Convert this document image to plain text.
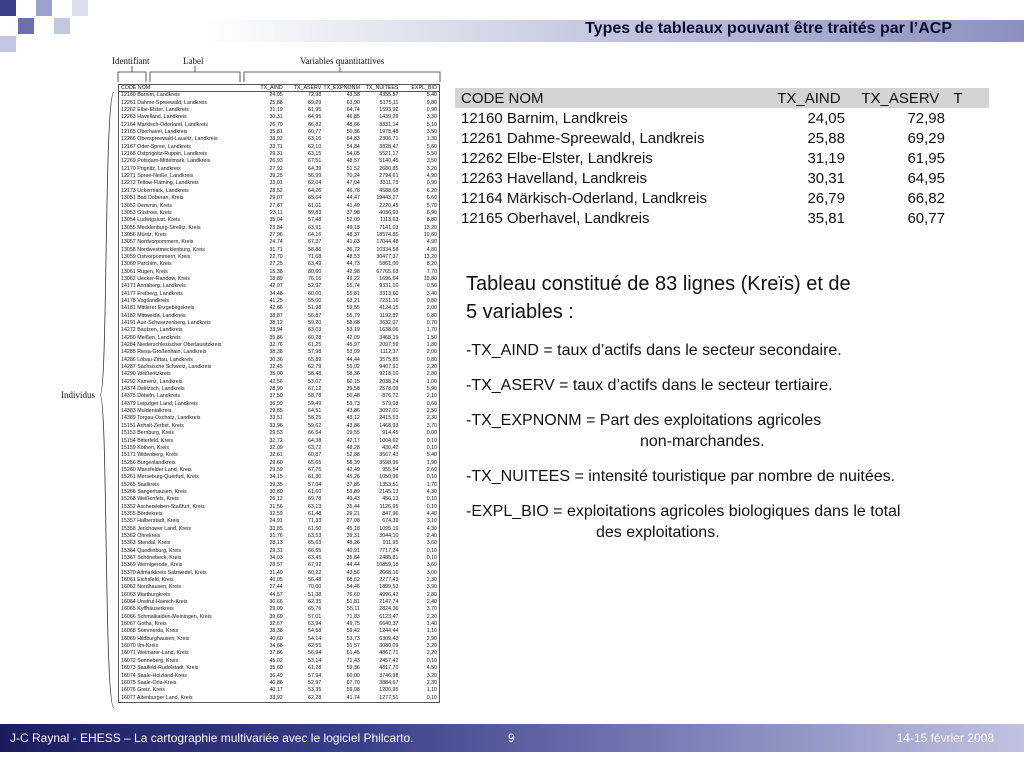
Types de tableaux pouvant être traités par l’ACP
Identifiant	Label	Variables quantitattives
Individus
CODE NOM	TX_AIND	TX_ASERV TX_EXPNONM	TX_NUITEES	EXPL_BIO
12160 Barnim, Landkreis	24,05	72,98	43,58	4355,57	5,40
12261 Dahme-Spreewald, Landkreis	25,88	69,29	63,90	5175,11	9,80
12262 Elbe-Elster, Landkreis	31,19	61,95	64,74	1593,92	0,90
12263 Havelland, Landkreis	30,31	64,95	46,85	1439,29	3,30
12164 Märkisch-Oderland, Landkreis	26,79	66,82	48,66	3831,14	5,10
12165 Oberhavel, Landkreis	35,81	60,77	50,36	1978,48	3,50
12266 Oberspreewald-Lausitz, Landkreis	33,92	63,16	64,83	2306,71	1,30
12167 Oder-Spree, Landkreis	33,71	62,10	54,84	3828,47	5,60
12168 Ostprignitz-Ruppin, Landkreis	29,31	63,15	54,05	5521,17	5,50
12269 Potsdam-Mittelmark, Landkreis	26,93	67,51	48,57	5140,45	3,50
12170 Prignitz, Landkreis	27,92	64,39	51,52	2680,85	3,20
12271 Spree-Neiße, Landkreis	39,25	56,99	70,24	2794,61	4,90
12272 Teltow-Fläming, Landkreis	33,01	62,04	47,04	3311,73	0,90
12173 Uckermark, Landkreis	28,52	64,26	46,78	4588,68	6,20
13051 Bad Doberan, Kreis	29,07	65,64	44,47	19443,27	6,60
13052 Demmin, Kreis	27,67	61,01	41,49	2220,45	5,70
13053 Güstrow, Kreis	23,11	69,83	37,98	4036,93	6,90
13054 Ludwigslust, Kreis	35,04	57,48	52,09	1113,63	8,80
13055 Mecklenburg-Strelitz, Kreis	23,84	63,91	49,18	7141,03	13,20
13056 Müritz, Kreis	27,96	64,16	48,37	18574,85	10,60
13057 Nordvorpommern, Kreis	24,74	67,37	41,03	17044,48	4,90
13058 Nordwestmecklenburg, Kreis	31,71	58,86	36,72	10334,58	4,80
13059 Ostvorpommern, Kreis	22,70	71,68	48,53	30477,37	13,20
13060 Parchim, Kreis	27,25	63,49	44,73	5861,00	8,20
13061 Rügen, Kreis	15,38	80,60	42,98	67765,63	7,70
13062 Uecker-Randow, Kreis	18,89	76,16	49,22	1696,64	19,80
14171 Annaberg, Landkreis	42,97	52,97	55,74	9331,10	0,50
14177 Freiberg, Landkreis	34,48	60,00	55,81	3313,60	3,40
14178 Vogtlandkreis	41,25	55,00	63,21	7231,16	0,80
14181 Mittlerer Erzgebirgskreis	42,66	51,98	59,55	4124,15	2,00
14182 Mittweida, Landkreis	38,87	56,87	55,79	1192,82	0,80
14191 Aue-Schwarzenberg, Landkreis	38,12	59,20	58,68	3632,07	0,70
14272 Bautzen, Landkreis	33,94	63,03	53,19	1638,06	1,70
14280 Meißen, Landkreis	35,86	60,28	42,09	3468,19	1,50
14284 Niederschlesischer Oberlausitzkreis	32,76	61,25	45,97	2097,59	1,80
14285 Riesa-Großenhain, Landkreis	38,38	57,98	53,09	1112,37	2,00
14286 Löbau-Zittau, Landkreis	30,36	65,89	44,44	3575,85	0,80
14287 Sächsische Schweiz, Landkreis	32,45	62,79	55,02	9407,91	2,20
14290 Weißeritzkreis	35,00	58,48	58,36	9218,10	2,80
14292 Kamenz, Landkreis	42,56	53,07	60,15	2038,24	1,00
14374 Delitzsch, Landkreis	28,99	67,12	39,58	2578,09	5,90
14375 Döbeln, Landkreis	37,50	58,78	50,48	876,72	2,10
14379 Leipziger Land, Landkreis	36,99	59,49	53,73	579,08	0,60
14383 Muldentalkreis	29,85	64,51	43,86	3097,01	2,50
14389 Torgau-Oschatz, Landkreis	33,51	58,25	43,12	2415,53	2,30
15151 Anhalt-Zerbst, Kreis	33,96	59,62	43,86	1468,93	3,70
15153 Bernburg, Kreis	29,53	66,54	29,55	914,45	0,00
15154 Bitterfeld, Kreis	32,72	64,38	42,17	1004,62	0,10
15159 Köthen, Kreis	32,09	63,72	48,28	430,42	0,10
15171 Wittenberg, Kreis	32,61	60,87	52,88	3567,43	5,40
15256 Burgenlandkreis	29,60	65,65	58,39	3598,96	1,90
15260 Mansfelder Land, Kreis	29,59	67,75	42,49	955,54	2,60
15261 Merseburg-Querfurt, Kreis	34,15	61,30	45,26	1050,96	0,10
15265 Saalkreis	39,35	57,04	37,85	1353,51	1,70
15266 Sangerhausen, Kreis	30,80	61,60	53,89	2145,13	4,30
15268 Weißenfels, Kreis	26,12	69,78	49,43	456,13	0,10
15352 Aschersleben-Staßfurt, Kreis	31,56	63,13	35,44	1126,95	0,10
15355 Bördekreis	32,59	61,48	29,21	847,96	4,40
15357 Halberstadt, Kreis	24,91	71,33	27,08	674,39	3,10
15358 Jerichower Land, Kreis	33,85	61,50	45,18	1095,19	4,30
15362 Ohrekreis	31,76	63,53	39,31	3044,10	2,40
15363 Stendal, Kreis	28,13	65,63	48,26	911,95	3,60
15364 Quedlinburg, Kreis	29,31	66,55	40,91	7717,24	0,10
15367 Schönebeck, Kreis	34,03	63,45	35,64	2485,81	0,10
15369 Wernigerode, Kreis	28,57	67,92	44,44	10859,18	3,60
15370 Altmarkkreis Salzwedel, Kreis	31,49	60,22	43,56	2668,16	3,00
16061 Eichsfeld, Kreis	40,05	56,48	68,62	2277,43	2,30
16062 Nordhausen, Kreis	27,44	70,00	54,46	1899,53	3,90
16063 Wartburgkreis	44,57	51,38	76,60	4996,42	2,80
16064 Unstrut-Hainich-Kreis	30,66	62,35	51,81	2147,74	2,40
16065 Kyffhäuserkreis	29,09	65,76	55,11	2824,36	3,70
16066 Schmalkalden-Meiningen, Kreis	39,69	57,01	71,83	6123,47	2,20
16067 Gotha, Kreis	32,67	63,94	49,75	6640,37	1,40
16068 Sömmerda, Kreis	38,38	54,58	59,42	1244,44	1,10
16069 Hildburghausen, Kreis	40,60	54,14	53,73	6309,43	2,90
16070 Ilm-Kreis	34,68	62,55	51,57	3080,09	3,20
16071 Weimarer-Land, Kreis	37,86	56,94	61,45	4867,71	2,20
16072 Sonneberg, Kreis	45,02	53,14	71,43	2457,42	0,10
16073 Saalfeld-Rudolstadt, Kreis	35,60	61,28	59,36	4817,70	4,50
16074 Saale-Holzland-Kreis	36,49	57,94	60,00	3746,98	3,20
16075 Saale-Orla-Kreis	40,86	52,97	67,70	3884,67	2,30
16076 Greiz, Kreis	40,17	53,35	59,08	1200,95	1,10
16077 Altenburger Land, Kreis	33,92	62,28	41,74	1277,51	0,10
CODE NOM	TX_AIND	TX_ASERV T
12160 Barnim, Landkreis	24,05	72,98
12261 Dahme-Spreewald, Landkreis	25,88	69,29
12262 Elbe-Elster, Landkreis	31,19	61,95
12263 Havelland, Landkreis	30,31	64,95
12164 Märkisch-Oderland, Landkreis	26,79	66,82
12165 Oberhavel, Landkreis	35,81	60,77
Tableau constitué de 83 lignes (Kreïs) et de
5 variables :
-TX_AIND = taux d’actifs dans le secteur secondaire.
-TX_ASERV = taux d’actifs dans le secteur tertiaire.
-TX_EXPNONM = Part des exploitations agricoles
non-marchandes.
-TX_NUITEES = intensité touristique par nombre de nuitées.
-EXPL_BIO = exploitations agricoles biologiques dans le total
des exploitations.
J-C Raynal - EHESS – La cartographie multivariée avec le logiciel Philcarto.	9	14-15 février 2008
